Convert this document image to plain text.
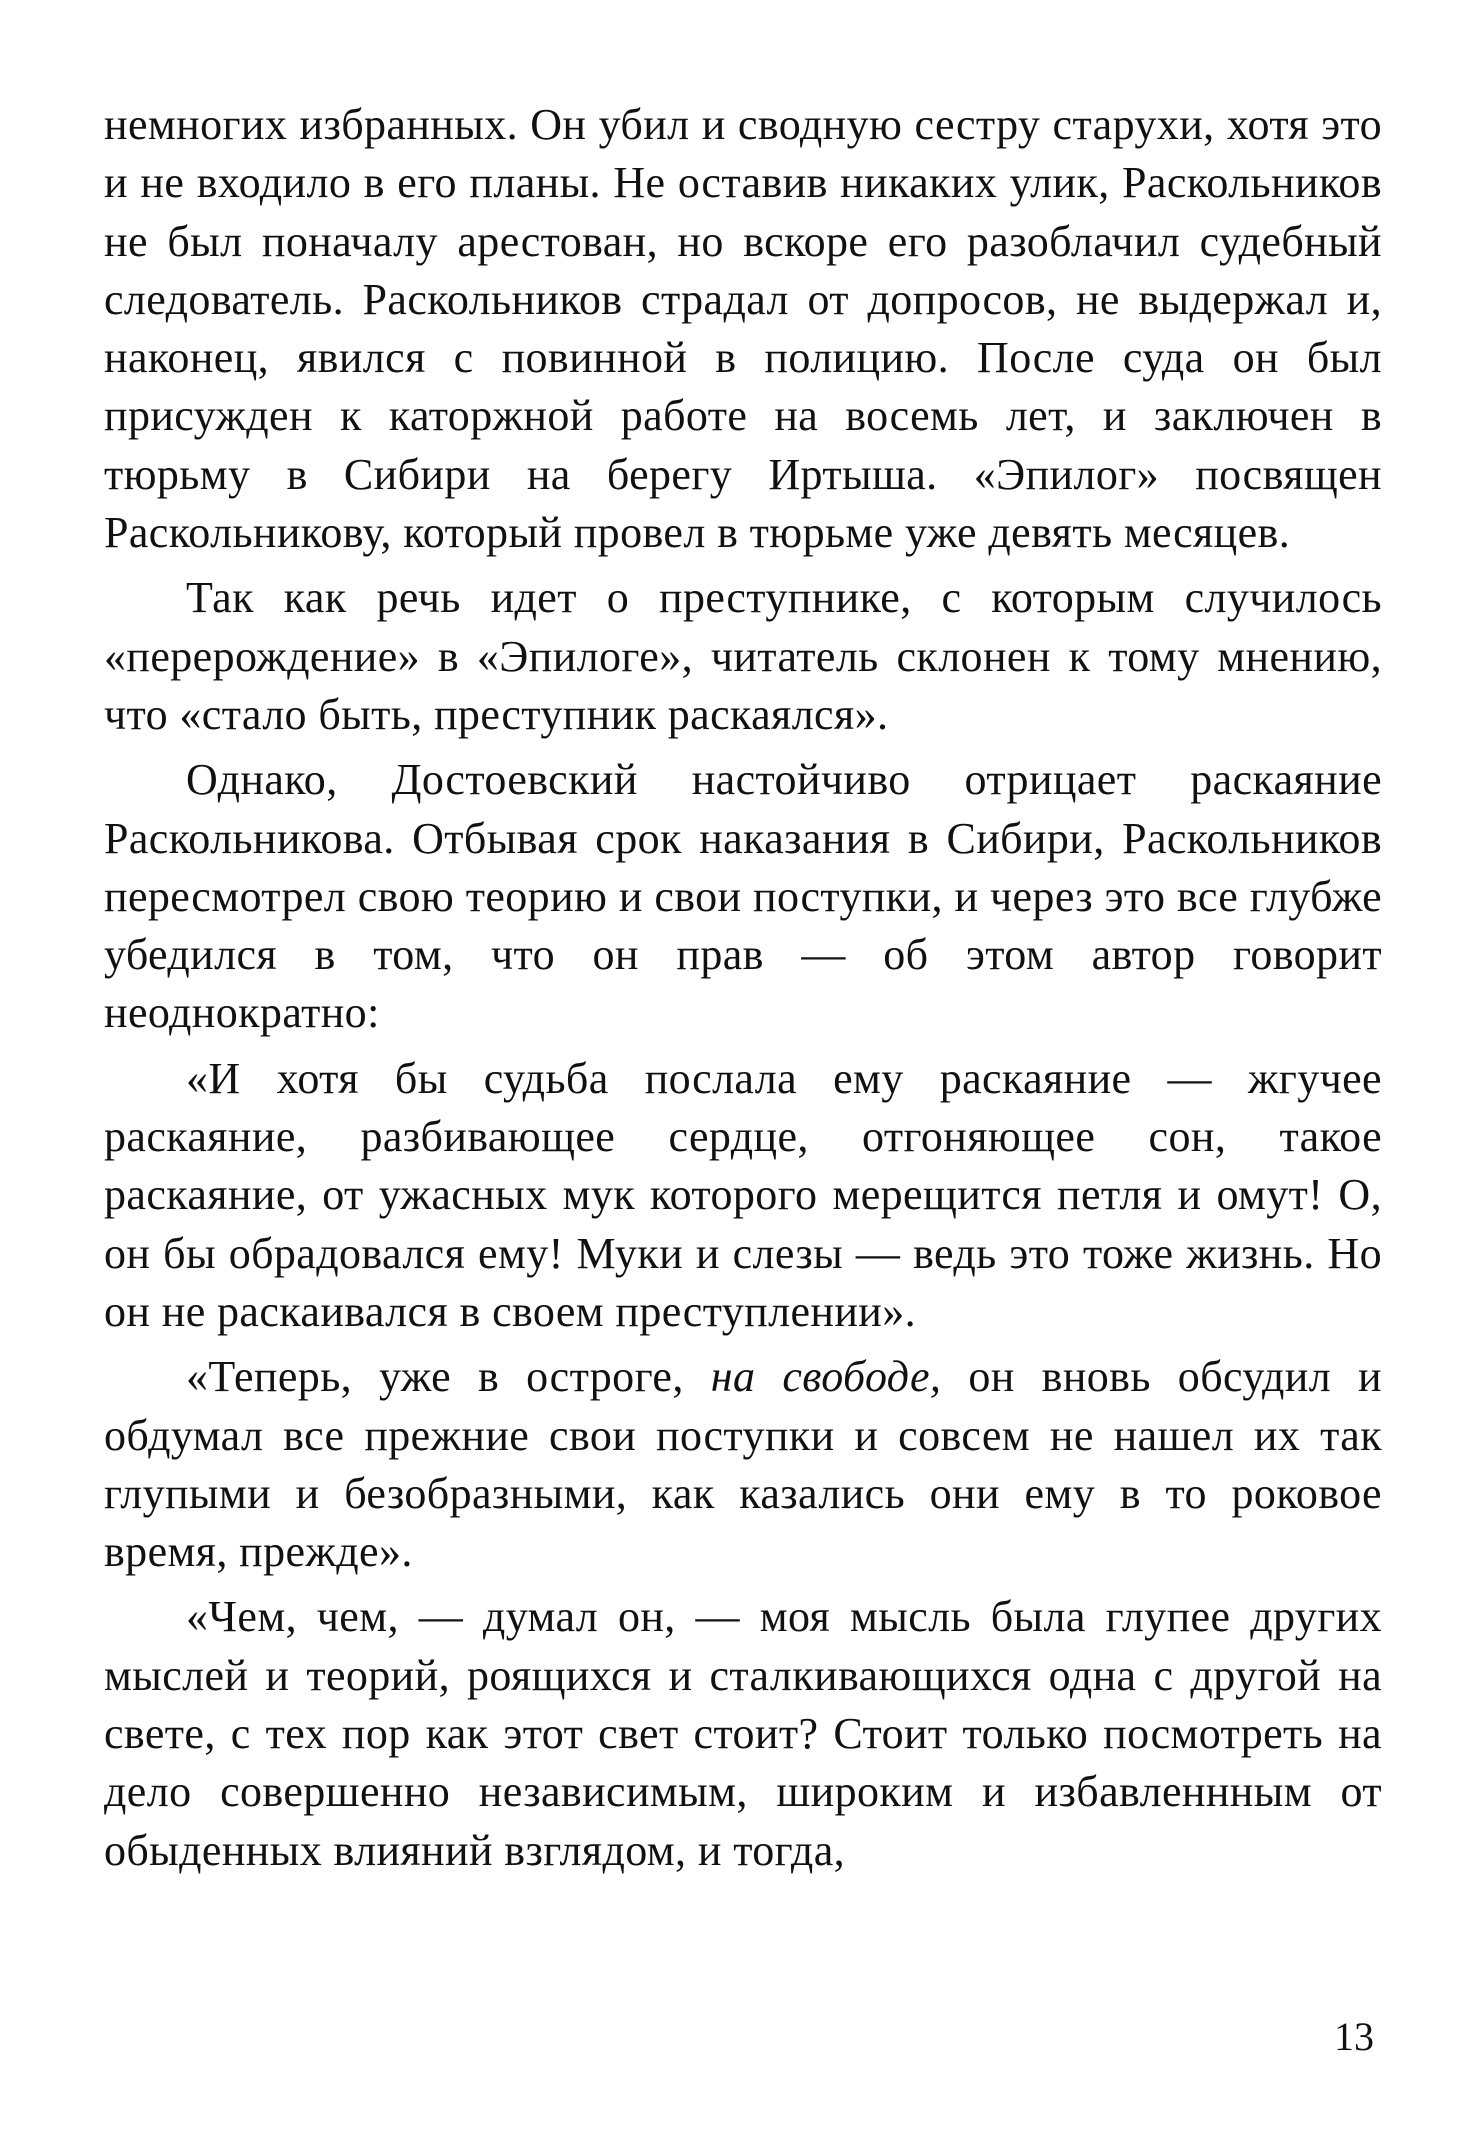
немногих избранных. Он убил и сводную сестру старухи, хотя это и не входило в его планы. Не оставив никаких улик, Раскольников не был поначалу арестован, но вскоре его разоблачил судебный следователь. Раскольников страдал от допросов, не выдержал и, наконец, явился с повинной в полицию. После суда он был присужден к каторжной работе на восемь лет, и заключен в тюрьму в Сибири на берегу Иртыша. «Эпилог» посвящен Раскольникову, который провел в тюрьме уже девять месяцев.

Так как речь идет о преступнике, с которым случилось «перерождение» в «Эпилоге», читатель склонен к тому мнению, что «стало быть, преступник раскаялся».

Однако, Достоевский настойчиво отрицает раскаяние Раскольникова. Отбывая срок наказания в Сибири, Раскольников пересмотрел свою теорию и свои поступки, и через это все глубже убедился в том, что он прав — об этом автор говорит неоднократно:

«И хотя бы судьба послала ему раскаяние — жгучее раскаяние, разбивающее сердце, отгоняющее сон, такое раскаяние, от ужасных мук которого мерещится петля и омут! О, он бы обрадовался ему! Муки и слезы — ведь это тоже жизнь. Но он не раскаивался в своем преступлении».

«Теперь, уже в остроге, на свободе, он вновь обсудил и обдумал все прежние свои поступки и совсем не нашел их так глупыми и безобразными, как казались они ему в то роковое время, прежде».

«Чем, чем, — думал он, — моя мысль была глупее других мыслей и теорий, роящихся и сталкивающихся одна с другой на свете, с тех пор как этот свет стоит? Стоит только посмотреть на дело совершенно независимым, широким и избавленнным от обыденных влияний взглядом, и тогда,

13
